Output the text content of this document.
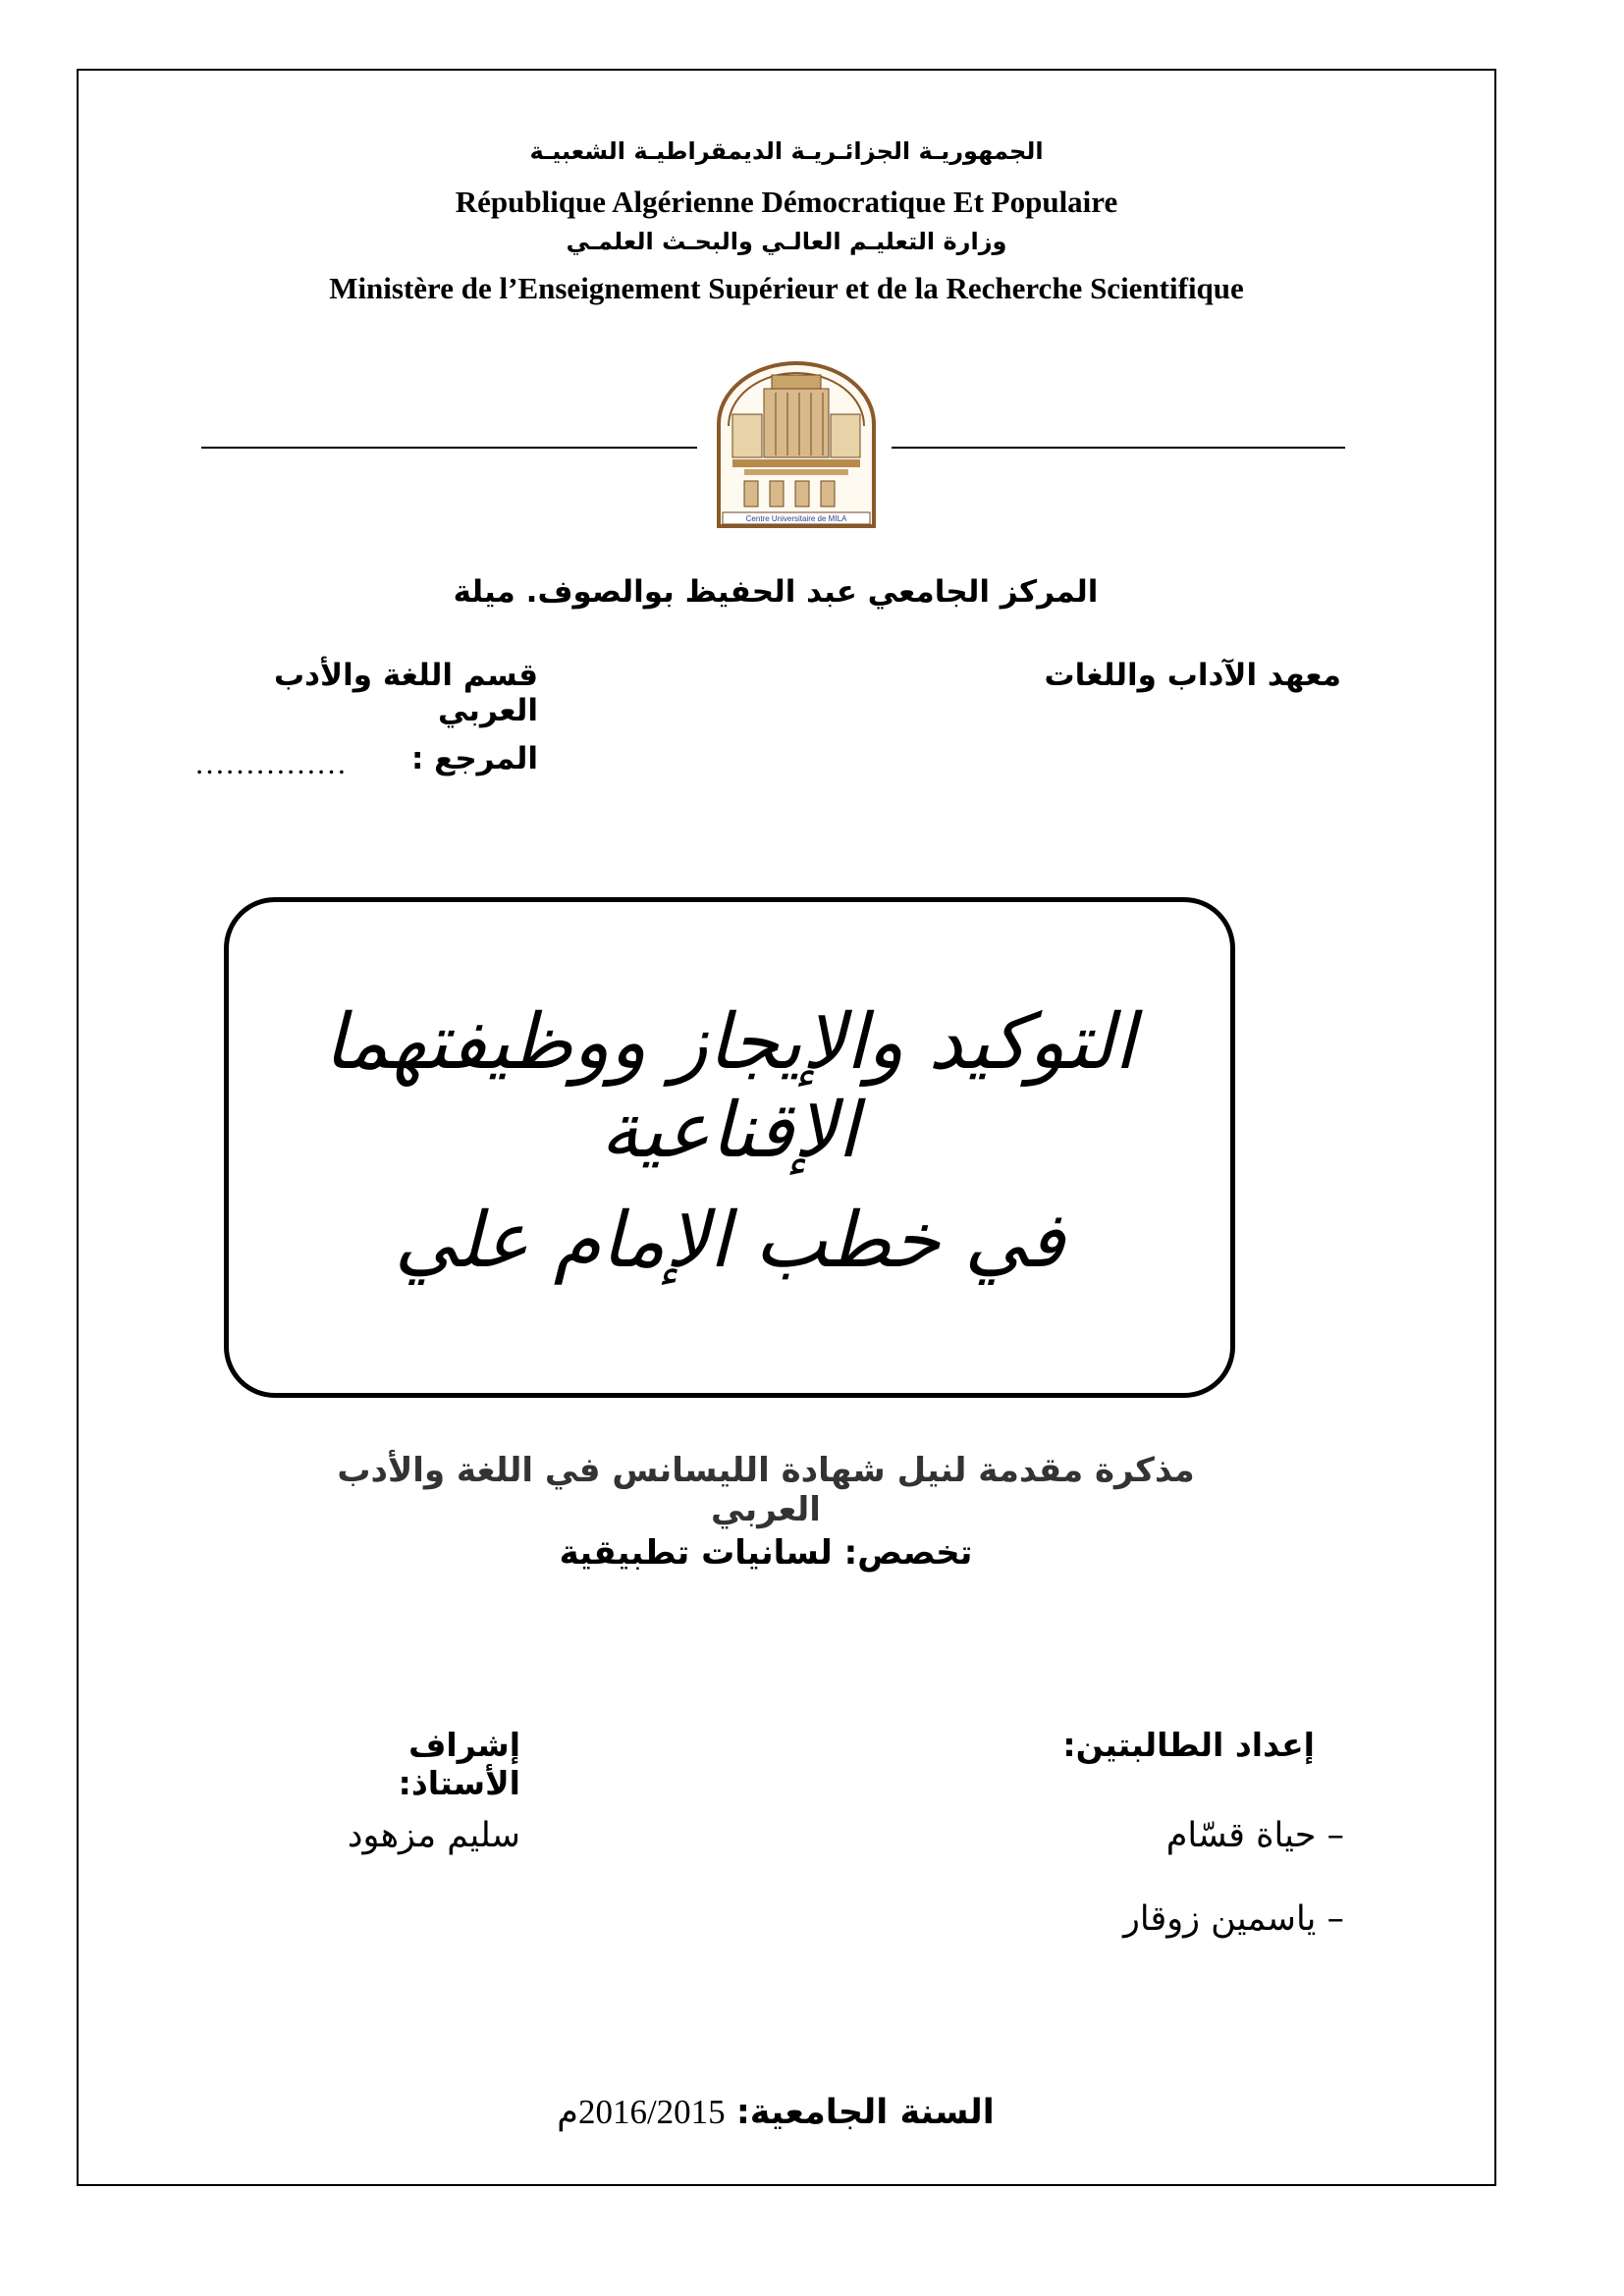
الجمهوريـة الجزائـريـة الديمقراطيـة الشعبيـة
République Algérienne Démocratique Et Populaire
وزارة التعليـم العالـي والبحـث العلمـي
Ministère de l’Enseignement Supérieur et de la Recherche Scientifique
Centre Universitaire de MILA
المركز الجامعي عبد الحفيظ بوالصوف. ميلة
معهد الآداب واللغات
قسم اللغة والأدب العربي
المرجع :
……………
التوكيد والإيجاز ووظيفتهما الإقناعية
في خطب الإمام علي
مذكرة مقدمة لنيل شهادة الليسانس في اللغة والأدب العربي
تخصص: لسانيات تطبيقية
إعداد الطالبتين:
– حياة قسّام
– ياسمين زوقار
إشراف الأستاذ:
سليم مزهود
السنة الجامعية: 2016/2015م
